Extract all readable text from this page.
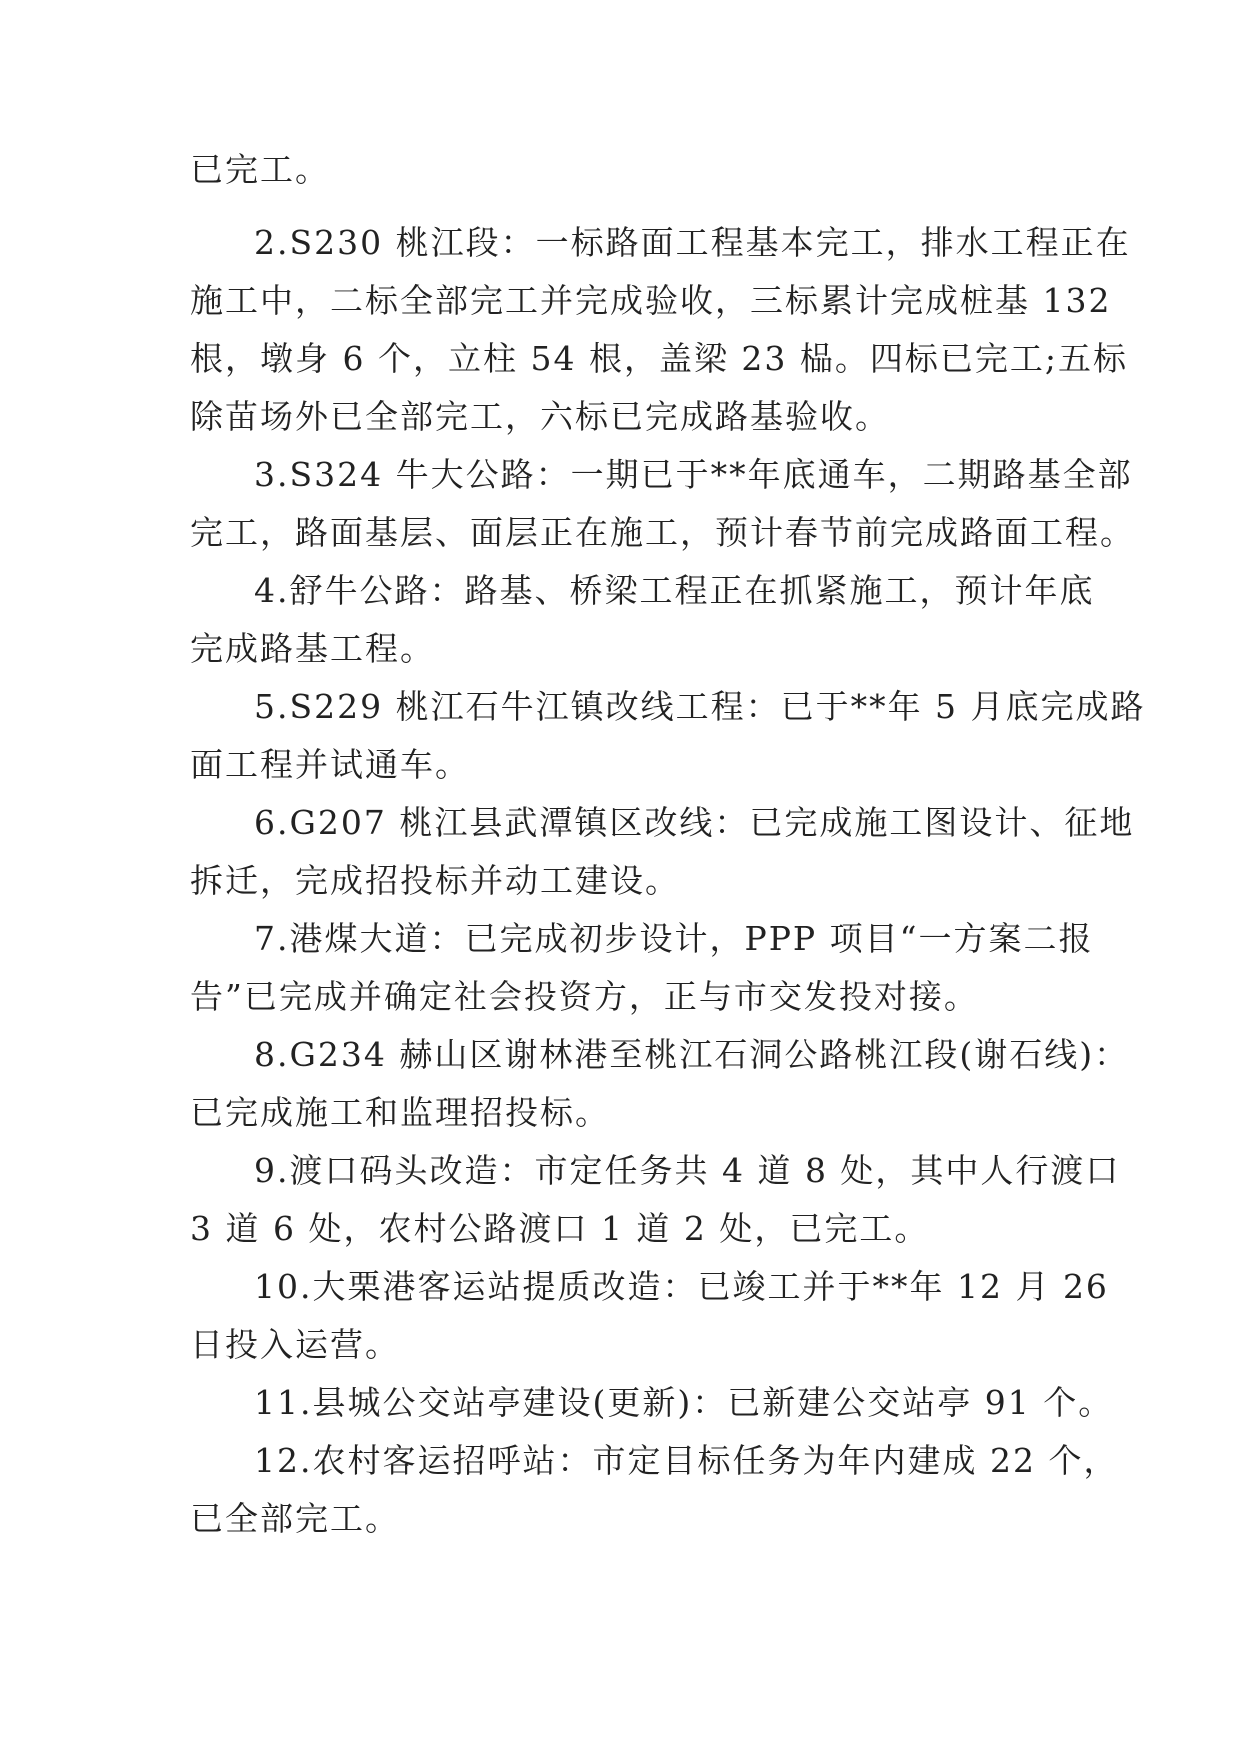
已完工。
2.S230 桃江段：一标路面工程基本完工，排水工程正在
施工中，二标全部完工并完成验收，三标累计完成桩基 132
根，墩身 6 个，立柱 54 根，盖梁 23 榀。四标已完工;五标
除苗场外已全部完工，六标已完成路基验收。
3.S324 牛大公路：一期已于**年底通车，二期路基全部
完工，路面基层、面层正在施工，预计春节前完成路面工程。
4.舒牛公路：路基、桥梁工程正在抓紧施工，预计年底
完成路基工程。
5.S229 桃江石牛江镇改线工程：已于**年 5 月底完成路
面工程并试通车。
6.G207 桃江县武潭镇区改线：已完成施工图设计、征地
拆迁，完成招投标并动工建设。
7.港煤大道：已完成初步设计，PPP 项目“一方案二报
告”已完成并确定社会投资方，正与市交发投对接。
8.G234 赫山区谢林港至桃江石洞公路桃江段(谢石线)：
已完成施工和监理招投标。
9.渡口码头改造：市定任务共 4 道 8 处，其中人行渡口
3 道 6 处，农村公路渡口 1 道 2 处，已完工。
10.大栗港客运站提质改造：已竣工并于**年 12 月 26
日投入运营。
11.县城公交站亭建设(更新)：已新建公交站亭 91 个。
12.农村客运招呼站：市定目标任务为年内建成 22 个，
已全部完工。
